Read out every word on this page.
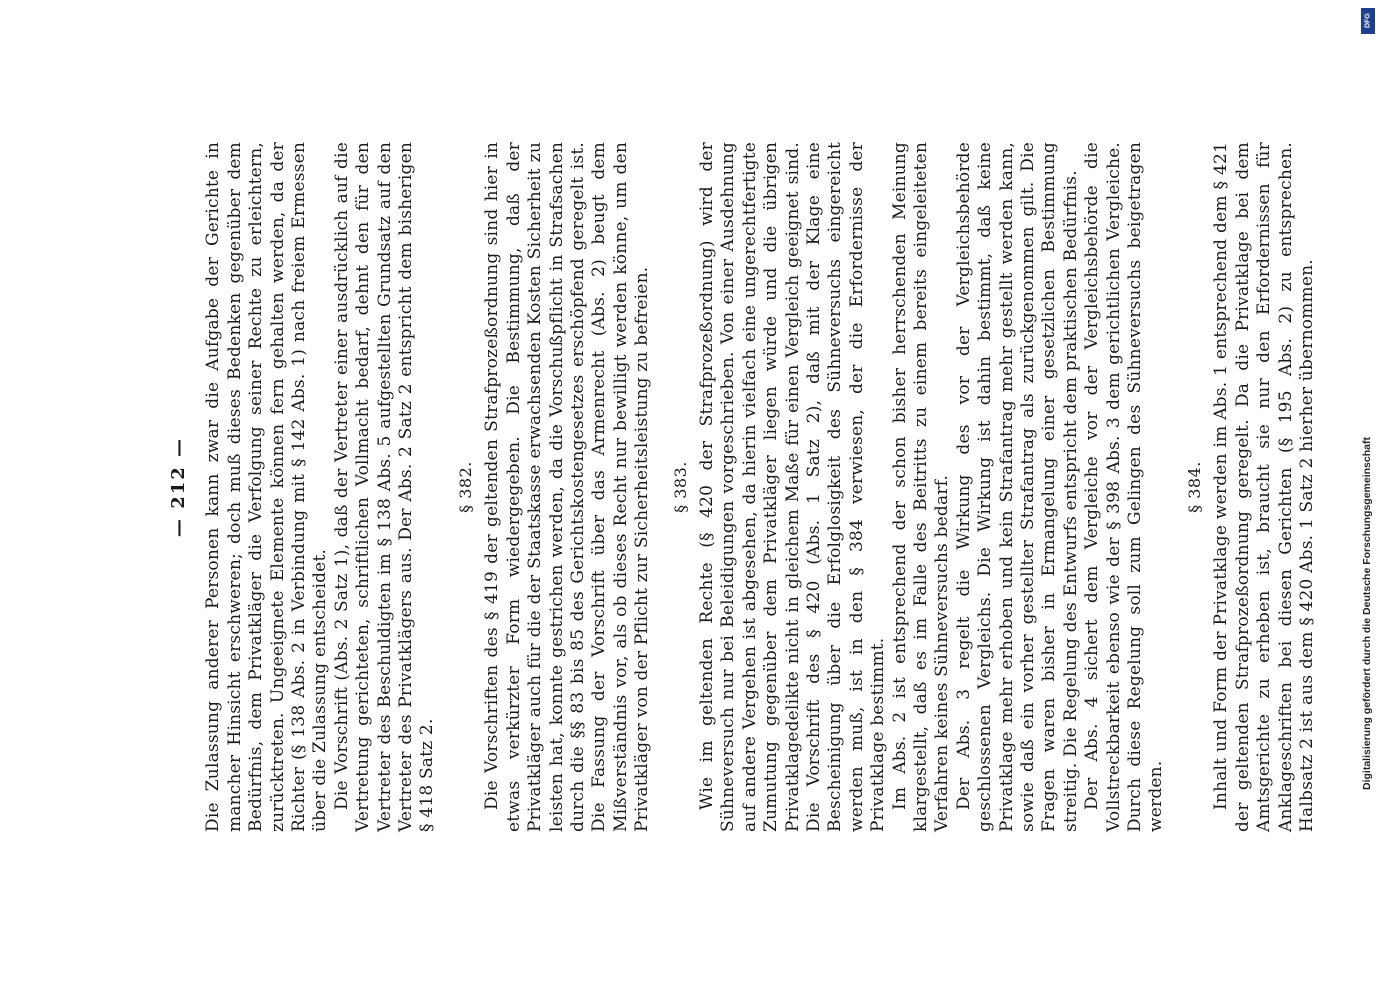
— 212 — Die Zulassung anderer Personen kann zwar die Aufgabe der Gerichte in mancher Hinsicht erschweren; doch muß dieses Bedenken gegenüber dem Bedürfnis, dem Privatkläger die Verfolgung seiner Rechte zu erleichtern, zurücktreten. Ungeeignete Elemente können fern gehalten werden, da der Richter (§ 138 Abs. 2 in Verbindung mit § 142 Abs. 1) nach freiem Ermessen über die Zulassung entscheidet. Die Vorschrift (Abs. 2 Satz 1), daß der Vertreter einer ausdrücklich auf die Vertretung gerichteten, schriftlichen Vollmacht bedarf, dehnt den für den Vertreter des Beschuldigten im § 138 Abs. 5 aufgestellten Grundsatz auf den Vertreter des Privatklägers aus. Der Abs. 2 Satz 2 entspricht dem bisherigen § 418 Satz 2.

§ 382. Die Vorschriften des § 419 der geltenden Strafprozeßordnung sind hier in etwas verkürzter Form wiedergegeben. Die Bestimmung, daß der Privatkläger auch für die der Staatskasse erwachsenden Kosten Sicherheit zu leisten hat, konnte gestrichen werden, da die Vorschußpflicht in Strafsachen durch die §§ 83 bis 85 des Gerichtskostengesetzes erschöpfend geregelt ist. Die Fassung der Vorschrift über das Armenrecht (Abs. 2) beugt dem Mißverständnis vor, als ob dieses Recht nur bewilligt werden könne, um den Privatkläger von der Pflicht zur Sicherheitsleistung zu befreien. § 383. Wie im geltenden Rechte (§ 420 der Strafprozeßordnung) wird der Sühneversuch nur bei Beleidigungen vorgeschrieben. Von einer Ausdehnung auf andere Vergehen ist abgesehen, da hierin vielfach eine ungerechtfertigte Zumutung gegenüber dem Privatkläger liegen würde und die übrigen Privatklagedelikte nicht in gleichem Maße für einen Vergleich geeignet sind. Die Vorschrift des § 420 (Abs. 1 Satz 2), daß mit der Klage eine Bescheinigung über die Erfolglosigkeit des Sühneversuchs eingereicht werden muß, ist in den § 384 verwiesen, der die Erfordernisse der Privatklage bestimmt. Im Abs. 2 ist entsprechend der schon bisher herrschenden Meinung klargestellt, daß es im Falle des Beitritts zu einem bereits eingeleiteten Verfahren keines Sühneversuchs bedarf. Der Abs. 3 regelt die Wirkung des vor der Vergleichsbehörde geschlossenen Vergleichs. Die Wirkung ist dahin bestimmt, daß keine Privatklage mehr erhoben und kein Strafantrag mehr gestellt werden kann, sowie daß ein vorher gestellter Strafantrag als zurückgenommen gilt. Die Fragen waren bisher in Ermangelung einer gesetzlichen Bestimmung streitig. Die Regelung des Entwurfs entspricht dem praktischen Bedürfnis. Der Abs. 4 sichert dem Vergleiche vor der Vergleichsbehörde die Vollstreckbarkeit ebenso wie der § 398 Abs. 3 dem gerichtlichen Vergleiche. Durch diese Regelung soll zum Gelingen des Sühneversuchs beigetragen werden.

§ 384. Inhalt und Form der Privatklage werden im Abs. 1 entsprechend dem § 421 der geltenden Strafprozeßordnung geregelt. Da die Privatklage bei dem Amtsgerichte zu erheben ist, braucht sie nur den Erfordernissen für Anklageschriften bei diesen Gerichten (§ 195 Abs. 2) zu entsprechen. Halbsatz 2 ist aus dem § 420 Abs. 1 Satz 2 hierher übernommen.	Digitalisierung gefördert durch die Deutsche Forschungsgemeinschaft
DFG
